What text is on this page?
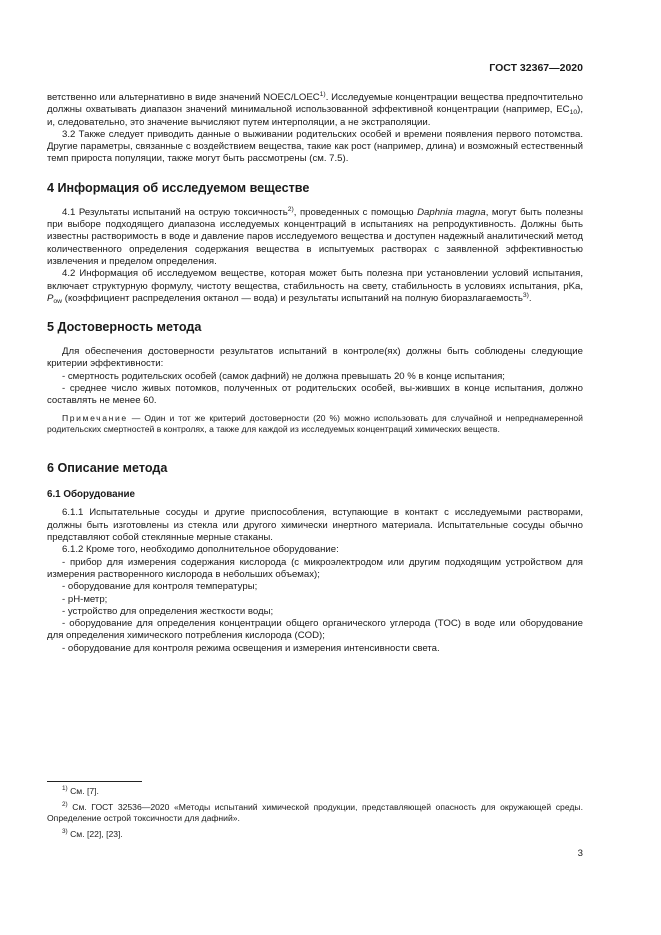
ГОСТ 32367—2020

ветственно или альтернативно в виде значений NOEC/LOEC$^{1)}$. Исследуемые концентрации вещества предпочтительно должны охватывать диапазон значений минимальной использованной эффективной концентрации (например, $EC_{10}$), и, следовательно, это значение вычисляют путем интерполяции, а не экстраполяции.

3.2 Также следует приводить данные о выживании родительских особей и времени появления первого потомства. Другие параметры, связанные с воздействием вещества, такие как рост (например, длина) и возможный естественный темп прироста популяции, также могут быть рассмотрены (см. 7.5).

4 Информация об исследуемом веществе

4.1 Результаты испытаний на острую токсичность$^{2)}$, проведенных с помощью Daphnia magna, могут быть полезны при выборе подходящего диапазона исследуемых концентраций в испытаниях на репродуктивность. Должны быть известны растворимость в воде и давление паров исследуемого вещества и доступен надежный аналитический метод количественного определения содержания вещества в испытуемых растворах с заявленной эффективностью извлечения и пределом определения.

4.2 Информация об исследуемом веществе, которая может быть полезна при установлении условий испытания, включает структурную формулу, чистоту вещества, стабильность на свету, стабильность в условиях испытания, pKa, $P_{ow}$ (коэффициент распределения октанол — вода) и результаты испытаний на полную биоразлагаемость$^{3)}$.

5 Достоверность метода

Для обеспечения достоверности результатов испытаний в контроле(ях) должны быть соблюдены следующие критерии эффективности:

- смертность родительских особей (самок дафний) не должна превышать 20 % в конце испытания;

- среднее число живых потомков, полученных от родительских особей, вы-живших в конце испытания, должно составлять не менее 60.

Примечание — Один и тот же критерий достоверности (20 %) можно использовать для случайной и непреднамеренной родительских смертностей в контролях, а также для каждой из исследуемых концентраций химических веществ.

6 Описание метода
6.1 Оборудование

6.1.1 Испытательные сосуды и другие приспособления, вступающие в контакт с исследуемыми растворами, должны быть изготовлены из стекла или другого химически инертного материала. Испытательные сосуды обычно представляют собой стеклянные мерные стаканы.

6.1.2 Кроме того, необходимо дополнительное оборудование:

- прибор для измерения содержания кислорода (с микроэлектродом или другим подходящим устройством для измерения растворенного кислорода в небольших объемах);

- оборудование для контроля температуры;

- pH-метр;

- устройство для определения жесткости воды;

- оборудование для определения концентрации общего органического углерода (TOC) в воде или оборудование для определения химического потребления кислорода (COD);

- оборудование для контроля режима освещения и измерения интенсивности света.

$^{1)}$ См. [7].

$^{2)}$ См. ГОСТ 32536—2020 «Методы испытаний химической продукции, представляющей опасность для окружающей среды. Определение острой токсичности для дафний».

$^{3)}$ См. [22], [23].

3
